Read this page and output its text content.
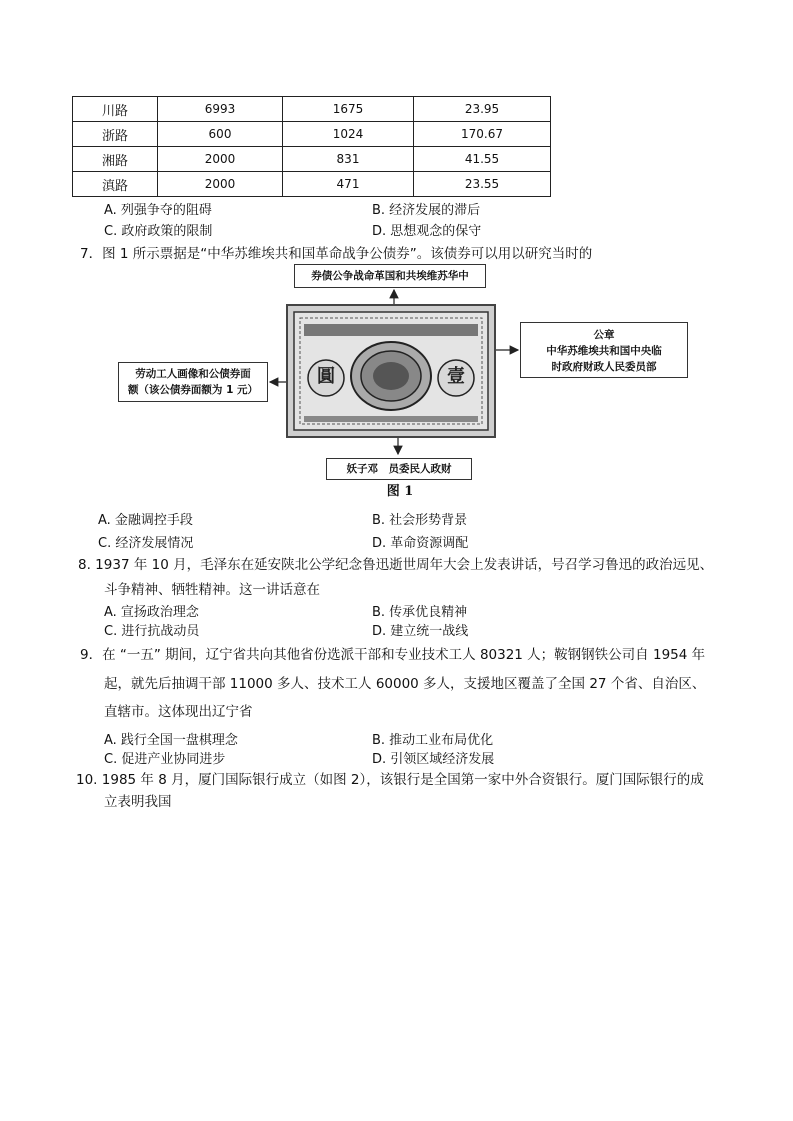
川路	6993	1675	23.95
浙路	600	1024	170.67
湘路	2000	831	41.55
滇路	2000	471	23.55
A. 列强争夺的阻碍	B. 经济发展的滞后
C. 政府政策的限制	D. 思想观念的保守
7．图 1 所示票据是“中华苏维埃共和国革命战争公债券”。该债券可以用以研究当时的
券债公争战命革国和共埃维苏华中
劳动工人画像和公债券面
额（该公债券面额为 1 元）
公章
中华苏维埃共和国中央临
时政府财政人民委员部
圓	壹
妖子邓　员委民人政财
图 1
A. 金融调控手段	B. 社会形势背景
C. 经济发展情况	D. 革命资源调配
8. 1937 年 10 月，毛泽东在延安陕北公学纪念鲁迅逝世周年大会上发表讲话，号召学习鲁迅的政治远见、
斗争精神、牺牲精神。这一讲话意在
A. 宣扬政治理念	B. 传承优良精神
C. 进行抗战动员	D. 建立统一战线
9．在 “一五” 期间，辽宁省共向其他省份选派干部和专业技术工人 80321 人；鞍钢钢铁公司自 1954 年
起，就先后抽调干部 11000 多人、技术工人 60000 多人，支援地区覆盖了全国 27 个省、自治区、
直辖市。这体现出辽宁省
A. 践行全国一盘棋理念	B. 推动工业布局优化
C. 促进产业协同进步	D. 引领区域经济发展
10. 1985 年 8 月，厦门国际银行成立（如图 2），该银行是全国第一家中外合资银行。厦门国际银行的成
立表明我国
